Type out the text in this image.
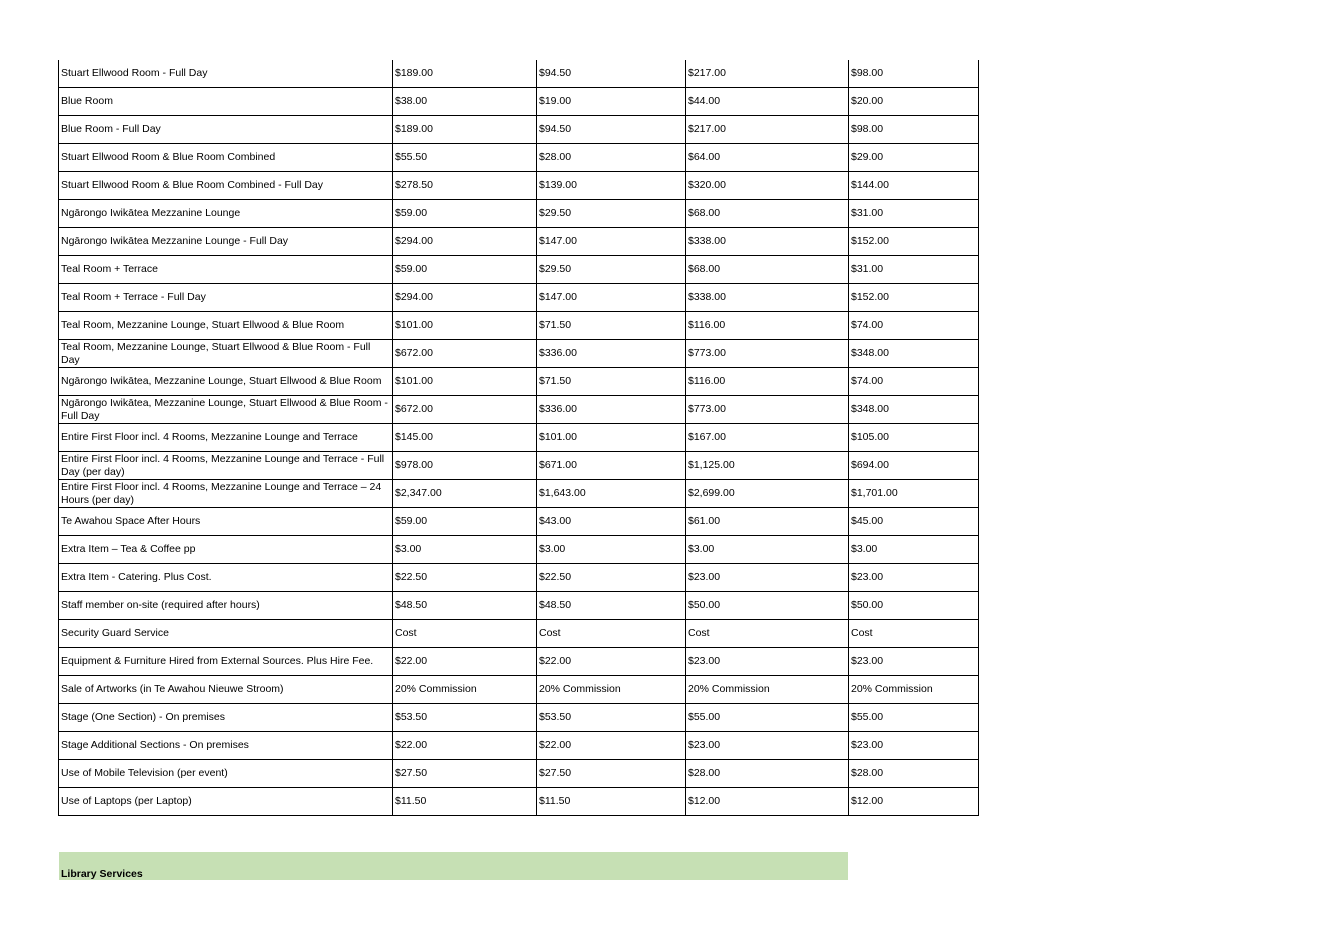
Stuart Ellwood Room - Full Day	$189.00	$94.50	$217.00	$98.00
Blue Room	$38.00	$19.00	$44.00	$20.00
Blue Room - Full Day	$189.00	$94.50	$217.00	$98.00
Stuart Ellwood Room & Blue Room Combined	$55.50	$28.00	$64.00	$29.00
Stuart Ellwood Room & Blue Room Combined - Full Day	$278.50	$139.00	$320.00	$144.00
Ngārongo Iwikātea Mezzanine Lounge	$59.00	$29.50	$68.00	$31.00
Ngārongo Iwikātea Mezzanine Lounge - Full Day	$294.00	$147.00	$338.00	$152.00
Teal Room + Terrace	$59.00	$29.50	$68.00	$31.00
Teal Room + Terrace - Full Day	$294.00	$147.00	$338.00	$152.00
Teal Room, Mezzanine Lounge, Stuart Ellwood & Blue Room	$101.00	$71.50	$116.00	$74.00
Teal Room, Mezzanine Lounge, Stuart Ellwood & Blue Room - Full Day	$672.00	$336.00	$773.00	$348.00
Ngārongo Iwikātea, Mezzanine Lounge, Stuart Ellwood & Blue Room	$101.00	$71.50	$116.00	$74.00
Ngārongo Iwikātea, Mezzanine Lounge, Stuart Ellwood & Blue Room - Full Day	$672.00	$336.00	$773.00	$348.00
Entire First Floor incl. 4 Rooms, Mezzanine Lounge and Terrace	$145.00	$101.00	$167.00	$105.00
Entire First Floor incl. 4 Rooms, Mezzanine Lounge and Terrace - Full Day (per day)	$978.00	$671.00	$1,125.00	$694.00
Entire First Floor incl. 4 Rooms, Mezzanine Lounge and Terrace – 24 Hours (per day)	$2,347.00	$1,643.00	$2,699.00	$1,701.00
Te Awahou Space After Hours	$59.00	$43.00	$61.00	$45.00
Extra Item – Tea & Coffee pp	$3.00	$3.00	$3.00	$3.00
Extra Item - Catering. Plus Cost.	$22.50	$22.50	$23.00	$23.00
Staff member on-site (required after hours)	$48.50	$48.50	$50.00	$50.00
Security Guard Service	Cost	Cost	Cost	Cost
Equipment & Furniture Hired from External Sources. Plus Hire Fee.	$22.00	$22.00	$23.00	$23.00
Sale of Artworks (in Te Awahou Nieuwe Stroom)	20% Commission	20% Commission	20% Commission	20% Commission
Stage (One Section) - On premises	$53.50	$53.50	$55.00	$55.00
Stage Additional Sections - On premises	$22.00	$22.00	$23.00	$23.00
Use of Mobile Television (per event)	$27.50	$27.50	$28.00	$28.00
Use of Laptops (per Laptop)	$11.50	$11.50	$12.00	$12.00
Library Services
